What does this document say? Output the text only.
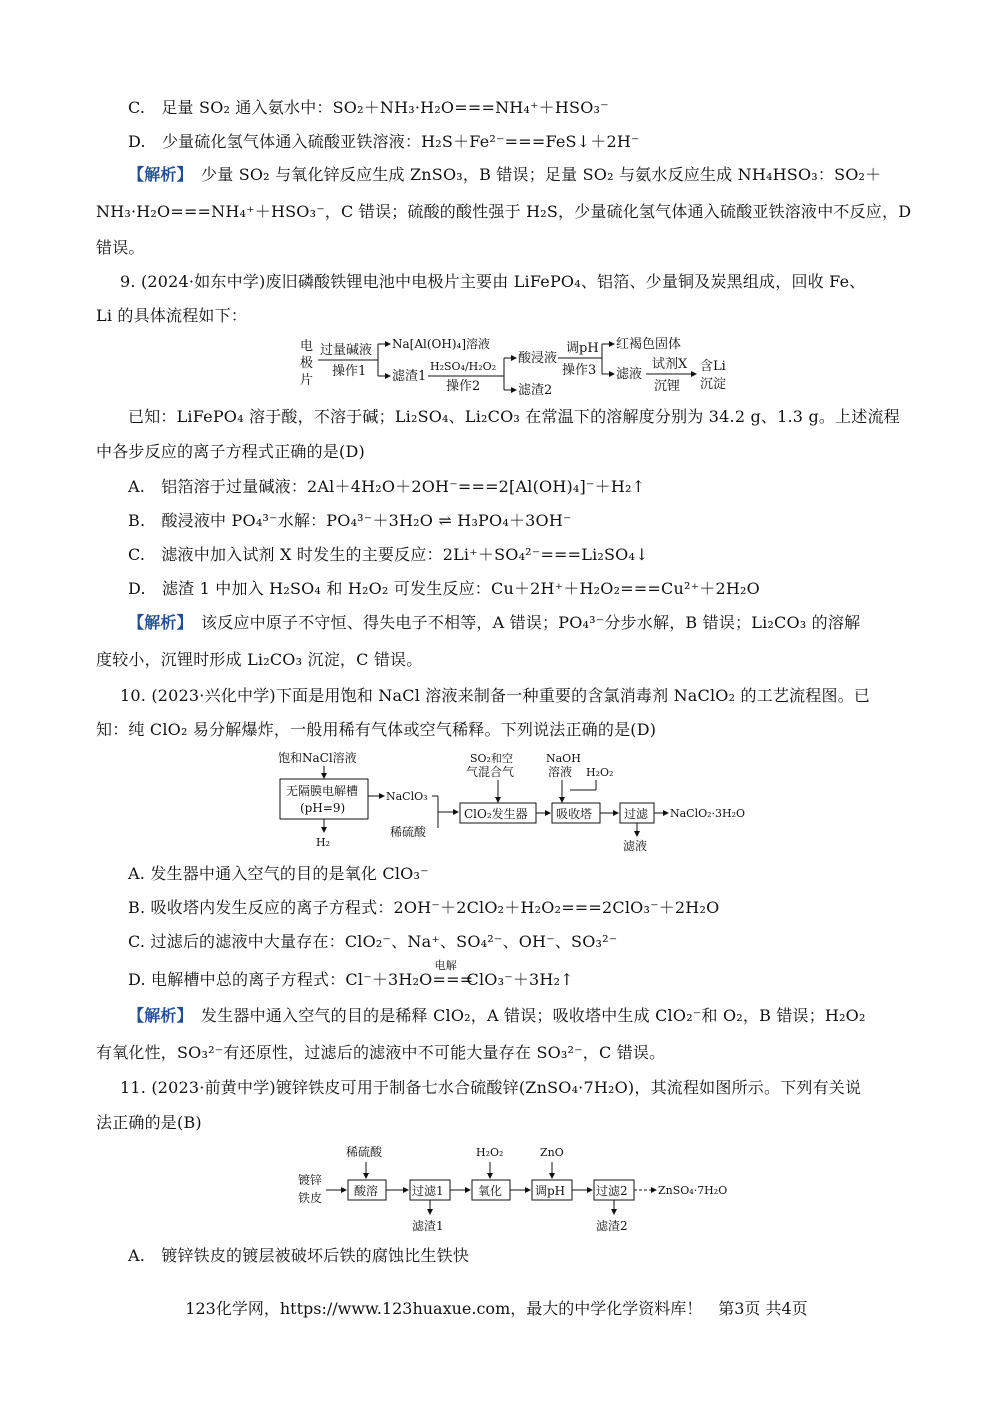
C.　足量 SO₂ 通入氨水中：SO₂＋NH₃·H₂O===NH₄⁺＋HSO₃⁻
D.　少量硫化氢气体通入硫酸亚铁溶液：H₂S＋Fe²⁻===FeS↓＋2H⁻
【解析】　少量 SO₂ 与氧化锌反应生成 ZnSO₃，B 错误；足量 SO₂ 与氨水反应生成 NH₄HSO₃：SO₂＋
NH₃·H₂O===NH₄⁺＋HSO₃⁻，C 错误；硫酸的酸性强于 H₂S，少量硫化氢气体通入硫酸亚铁溶液中不反应，D
错误。
9. (2024·如东中学)废旧磷酸铁锂电池中电极片主要由 LiFePO₄、铝箔、少量铜及炭黑组成，回收 Fe、
Li 的具体流程如下：
电
极
片
过量碱液
操作1
Na[Al(OH)₄]溶液
滤渣1
H₂SO₄/H₂O₂
操作2
酸浸液
滤渣2
调pH
操作3
红褐色固体
滤液
试剂X
沉锂
含Li
沉淀
已知：LiFePO₄ 溶于酸，不溶于碱；Li₂SO₄、Li₂CO₃ 在常温下的溶解度分别为 34.2 g、1.3 g。上述流程
中各步反应的离子方程式正确的是(D)
A.　铝箔溶于过量碱液：2Al＋4H₂O＋2OH⁻===2[Al(OH)₄]⁻＋H₂↑
B.　酸浸液中 PO₄³⁻水解：PO₄³⁻＋3H₂O ⇌ H₃PO₄＋3OH⁻
C.　滤液中加入试剂 X 时发生的主要反应：2Li⁺＋SO₄²⁻===Li₂SO₄↓
D.　滤渣 1 中加入 H₂SO₄ 和 H₂O₂ 可发生反应：Cu＋2H⁺＋H₂O₂===Cu²⁺＋2H₂O
【解析】　该反应中原子不守恒、得失电子不相等，A 错误；PO₄³⁻分步水解，B 错误；Li₂CO₃ 的溶解
度较小，沉锂时形成 Li₂CO₃ 沉淀，C 错误。
10. (2023·兴化中学)下面是用饱和 NaCl 溶液来制备一种重要的含氯消毒剂 NaClO₂ 的工艺流程图。已
知：纯 ClO₂ 易分解爆炸，一般用稀有气体或空气稀释。下列说法正确的是(D)
饱和NaCl溶液
无隔膜电解槽
(pH=9)
H₂
NaClO₃
稀硫酸
SO₂和空
气混合气
ClO₂发生器
NaOH
溶液 H₂O₂
吸收塔	过滤
滤液
NaClO₂·3H₂O
A. 发生器中通入空气的目的是氧化 ClO₃⁻
B. 吸收塔内发生反应的离子方程式：2OH⁻＋2ClO₂＋H₂O₂===2ClO₃⁻＋2H₂O
C. 过滤后的滤液中大量存在：ClO₂⁻、Na⁺、SO₄²⁻、OH⁻、SO₃²⁻
D. 电解槽中总的离子方程式：Cl⁻＋3H₂O
电解
===ClO₃⁻＋3H₂↑
【解析】　发生器中通入空气的目的是稀释 ClO₂，A 错误；吸收塔中生成 ClO₂⁻和 O₂，B 错误；H₂O₂
有氧化性，SO₃²⁻有还原性，过滤后的滤液中不可能大量存在 SO₃²⁻，C 错误。
11. (2023·前黄中学)镀锌铁皮可用于制备七水合硫酸锌(ZnSO₄·7H₂O)，其流程如图所示。下列有关说
法正确的是(B)
镀锌
铁皮
稀硫酸
酸溶	过滤1
滤渣1
H₂O₂
氧化
ZnO
调pH	过滤2
滤渣2
ZnSO₄·7H₂O
A.　镀锌铁皮的镀层被破坏后铁的腐蚀比生铁快
123化学网，https://www.123huaxue.com，最大的中学化学资料库！　第3页 共4页
